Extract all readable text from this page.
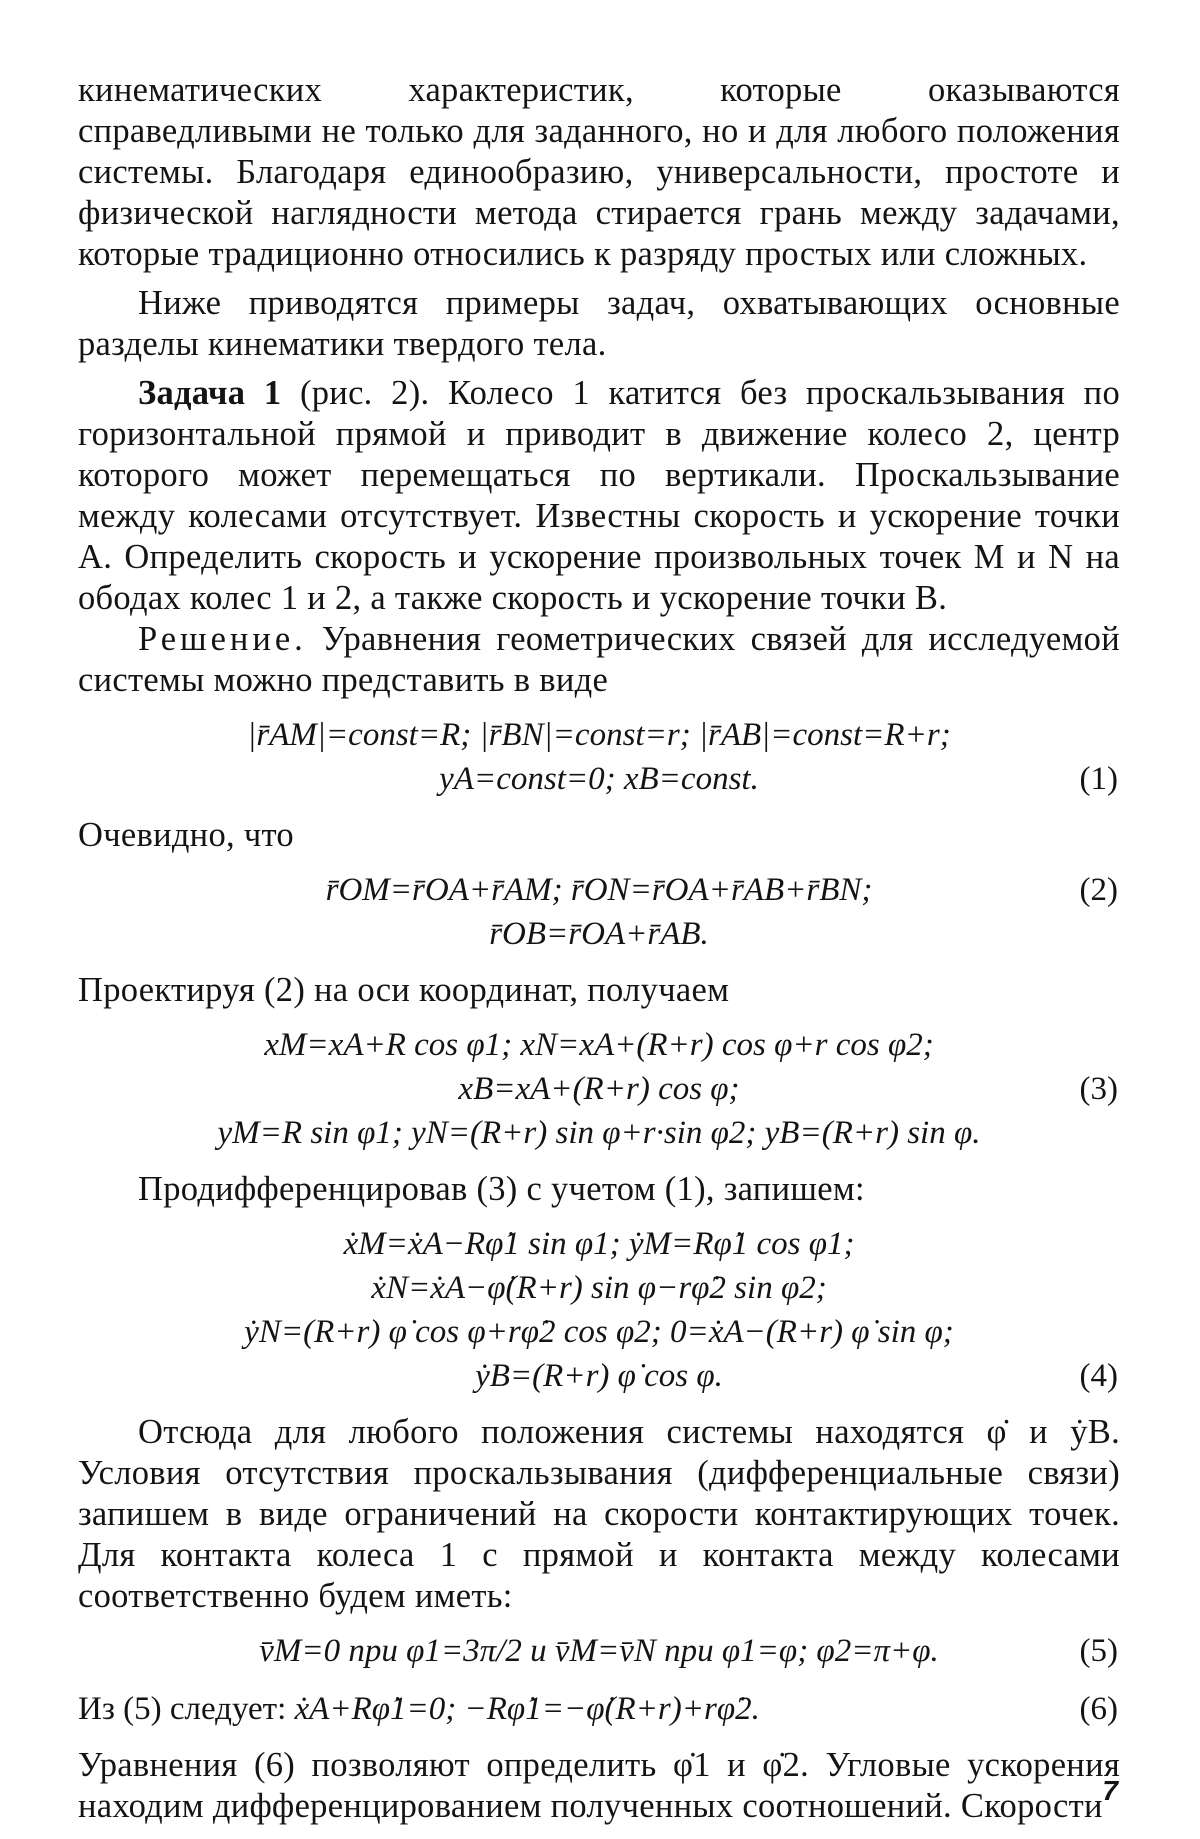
кинематических характеристик, которые оказываются справедливыми не только для заданного, но и для любого положения системы. Благодаря единообразию, универсальности, простоте и физической наглядности метода стирается грань между задачами, которые традиционно относились к разряду простых или сложных.

Ниже приводятся примеры задач, охватывающих основные разделы кинематики твердого тела.

Задача 1 (рис. 2). Колесо 1 катится без проскальзывания по горизонтальной прямой и приводит в движение колесо 2, центр которого может перемещаться по вертикали. Проскальзывание между колесами отсутствует. Известны скорость и ускорение точки A. Определить скорость и ускорение произвольных точек M и N на ободах колес 1 и 2, а также скорость и ускорение точки B.

Решение. Уравнения геометрических связей для исследуемой системы можно представить в виде

|r̄AM|=const=R; |r̄BN|=const=r; |r̄AB|=const=R+r;
yA=const=0; xB=const.	(1)

Очевидно, что

r̄OM=r̄OA+r̄AM; r̄ON=r̄OA+r̄AB+r̄BN;	(2)
r̄OB=r̄OA+r̄AB.

Проектируя (2) на оси координат, получаем

xM=xA+R cos φ1; xN=xA+(R+r) cos φ+r cos φ2;
xB=xA+(R+r) cos φ;	(3)
yM=R sin φ1; yN=(R+r) sin φ+r·sin φ2; yB=(R+r) sin φ.

Продифференцировав (3) с учетом (1), запишем:

ẋM=ẋA−Rφ̇1 sin φ1; ẏM=Rφ̇1 cos φ1;
ẋN=ẋA−φ̇(R+r) sin φ−rφ̇2 sin φ2;
ẏN=(R+r) φ̇ cos φ+rφ̇2 cos φ2; 0=ẋA−(R+r) φ̇ sin φ;
ẏB=(R+r) φ̇ cos φ.	(4)

Отсюда для любого положения системы находятся φ̇ и ẏB. Условия отсутствия проскальзывания (дифференциальные связи) запишем в виде ограничений на скорости контактирующих точек. Для контакта колеса 1 с прямой и контакта между колесами соответственно будем иметь:

v̄M=0 при φ1=3π/2 и v̄M=v̄N при φ1=φ; φ2=π+φ.	(5)
Из (5) следует: ẋA+Rφ̇1=0; −Rφ̇1=−φ̇(R+r)+rφ̇2.	(6)

Уравнения (6) позволяют определить φ̇1 и φ̇2. Угловые ускорения находим дифференцированием полученных соотношений. Скорости 7
